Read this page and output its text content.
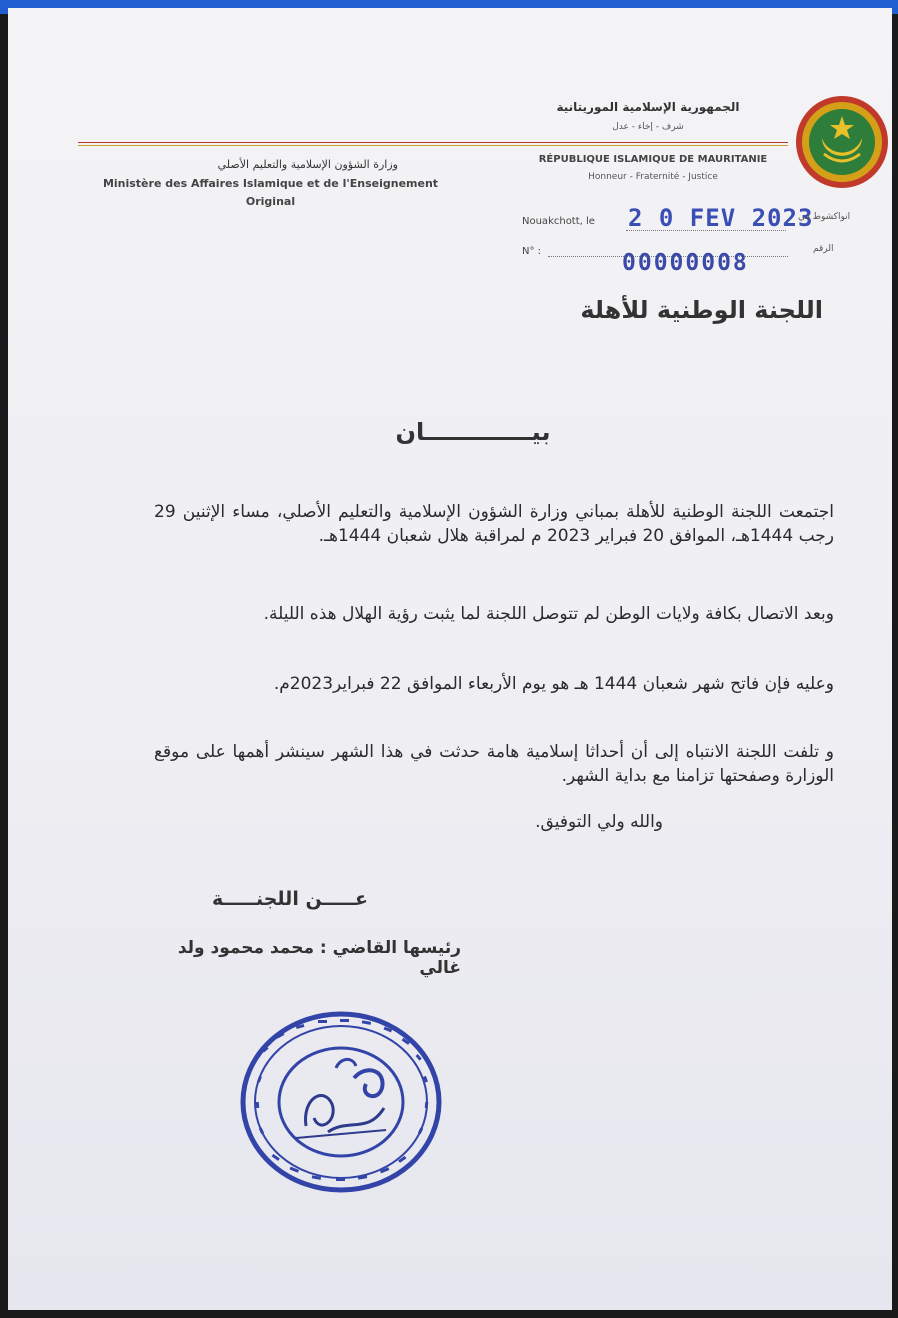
الجمهورية الإسلامية الموريتانية
شرف - إخاء - عدل
RÉPUBLIQUE ISLAMIQUE DE MAURITANIE
Honneur - Fraternité - Justice
وزارة الشؤون الإسلامية والتعليم الأصلي
Ministère des Affaires Islamique et de l'Enseignement
Original
Nouakchott, le 2 0 FEV 2023
انواكشوط في
N° :	الرقم
00000008
اللجنة الوطنية للأهلة
بيـــــــــــــان
اجتمعت اللجنة الوطنية للأهلة بمباني وزارة الشؤون الإسلامية والتعليم الأصلي، مساء الإثنين 29 رجب 1444هـ، الموافق 20 فبراير 2023 م لمراقبة هلال شعبان 1444هـ.
وبعد الاتصال بكافة ولايات الوطن لم تتوصل اللجنة لما يثبت رؤية الهلال هذه الليلة.
وعليه فإن فاتح شهر شعبان 1444 هـ هو يوم الأربعاء الموافق 22 فبراير2023م.
و تلفت اللجنة الانتباه إلى أن أحداثا إسلامية هامة حدثت في هذا الشهر سينشر أهمها على موقع الوزارة وصفحتها تزامنا مع بداية الشهر.
والله ولي التوفيق.
عـــــن اللجنـــــة
رئيسها القاضي : محمد محمود ولد غالي
